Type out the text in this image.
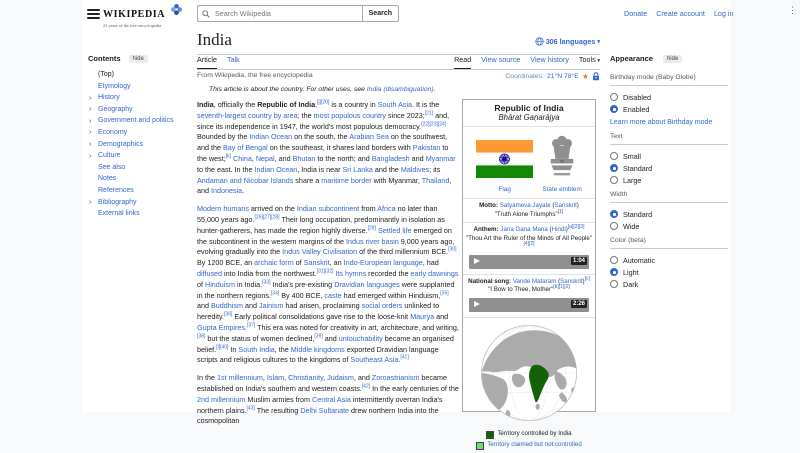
WIKIPEDIA
21 years of the free encyclopedia
Search Wikipedia
Search	Donate Create account Log in	⋮
Contents	hide
(Top)
Etymology
› History
› Geography
› Government and politics
› Economy
› Demographics
› Culture
See also
Notes
References
› Bibliography
External links
India	306 languages ▾
Article Talk	Read View source View history Tools ▾
From Wikipedia, the free encyclopedia	Coordinates: 21°N 78°E ★
This article is about the country. For other uses, see India (disambiguation).

India, officially the Republic of India,[j][20] is a country in South Asia. It is the seventh-largest country by area; the most populous country since 2023;[21] and, since its independence in 1947, the world's most populous democracy.[22][23][24] Bounded by the Indian Ocean on the south, the Arabian Sea on the southwest, and the Bay of Bengal on the southeast, it shares land borders with Pakistan to the west;[k] China, Nepal, and Bhutan to the north; and Bangladesh and Myanmar to the east. In the Indian Ocean, India is near Sri Lanka and the Maldives; its Andaman and Nicobar Islands share a maritime border with Myanmar, Thailand, and Indonesia.

Modern humans arrived on the Indian subcontinent from Africa no later than 55,000 years ago.[26][27][28] Their long occupation, predominantly in isolation as hunter-gatherers, has made the region highly diverse.[29] Settled life emerged on the subcontinent in the western margins of the Indus river basin 9,000 years ago, evolving gradually into the Indus Valley Civilisation of the third millennium BCE.[30] By 1200 BCE, an archaic form of Sanskrit, an Indo-European language, had diffused into India from the northwest.[31][32] Its hymns recorded the early dawnings of Hinduism in India.[33] India's pre-existing Dravidian languages were supplanted in the northern regions.[34] By 400 BCE, caste had emerged within Hinduism,[35] and Buddhism and Jainism had arisen, proclaiming social orders unlinked to heredity.[36] Early political consolidations gave rise to the loose-knit Maurya and Gupta Empires.[37] This era was noted for creativity in art, architecture, and writing,[38] but the status of women declined,[39] and untouchability became an organised belief.[l][40] In South India, the Middle kingdoms exported Dravidian language scripts and religious cultures to the kingdoms of Southeast Asia.[41]

In the 1st millennium, Islam, Christianity, Judaism, and Zoroastrianism became established on India's southern and western coasts.[42] In the early centuries of the 2nd millennium Muslim armies from Central Asia intermittently overran India's northern plains.[43] The resulting Delhi Sultanate drew northern India into the cosmopolitan

Republic of India
Bhārat Gaṇarājya
Flag	State emblem
Motto: Satyameva Jayate (Sanskrit)
"Truth Alone Triumphs"[1]
Anthem: Jana Gana Mana (Hindi)[a][2][3]
"Thou Art the Ruler of the Minds of All People"[4][2]
1:04
National song: Vande Mataram (Sanskrit)[c]
"I Bow to Thee, Mother"[b][1][2]
2:26
Territory controlled by India
Territory claimed but not controlled
Appearance	hide
Birthday mode (Baby Globe)
Disabled
Enabled
Learn more about Birthday mode
Text
Small
Standard
Large
Width
Standard
Wide
Color (beta)
Automatic
Light
Dark
